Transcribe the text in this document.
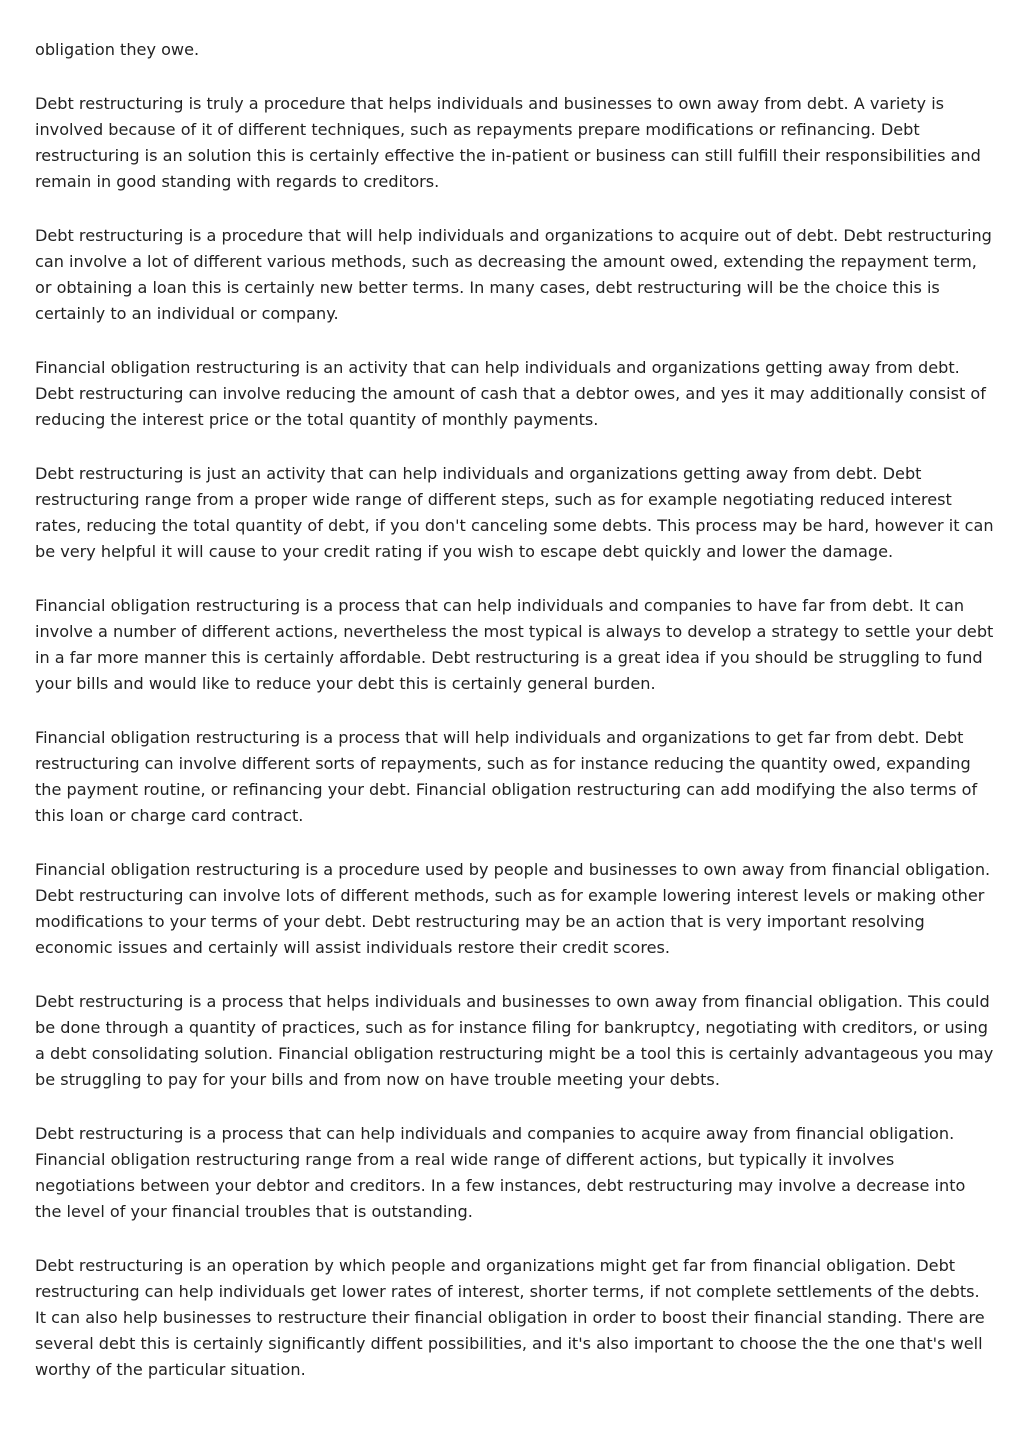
obligation they owe.

Debt restructuring is truly a procedure that helps individuals and businesses to own away from debt. A variety is involved because of it of different techniques, such as repayments prepare modifications or refinancing. Debt restructuring is an solution this is certainly effective the in-patient or business can still fulfill their responsibilities and remain in good standing with regards to creditors.

Debt restructuring is a procedure that will help individuals and organizations to acquire out of debt. Debt restructuring can involve a lot of different various methods, such as decreasing the amount owed, extending the repayment term, or obtaining a loan this is certainly new better terms. In many cases, debt restructuring will be the choice this is certainly to an individual or company.

Financial obligation restructuring is an activity that can help individuals and organizations getting away from debt. Debt restructuring can involve reducing the amount of cash that a debtor owes, and yes it may additionally consist of reducing the interest price or the total quantity of monthly payments.

Debt restructuring is just an activity that can help individuals and organizations getting away from debt. Debt restructuring range from a proper wide range of different steps, such as for example negotiating reduced interest rates, reducing the total quantity of debt, if you don't canceling some debts. This process may be hard, however it can be very helpful it will cause to your credit rating if you wish to escape debt quickly and lower the damage.

Financial obligation restructuring is a process that can help individuals and companies to have far from debt. It can involve a number of different actions, nevertheless the most typical is always to develop a strategy to settle your debt in a far more manner this is certainly affordable. Debt restructuring is a great idea if you should be struggling to fund your bills and would like to reduce your debt this is certainly general burden.

Financial obligation restructuring is a process that will help individuals and organizations to get far from debt. Debt restructuring can involve different sorts of repayments, such as for instance reducing the quantity owed, expanding the payment routine, or refinancing your debt. Financial obligation restructuring can add modifying the also terms of this loan or charge card contract.

Financial obligation restructuring is a procedure used by people and businesses to own away from financial obligation. Debt restructuring can involve lots of different methods, such as for example lowering interest levels or making other modifications to your terms of your debt. Debt restructuring may be an action that is very important resolving economic issues and certainly will assist individuals restore their credit scores.

Debt restructuring is a process that helps individuals and businesses to own away from financial obligation. This could be done through a quantity of practices, such as for instance filing for bankruptcy, negotiating with creditors, or using a debt consolidating solution. Financial obligation restructuring might be a tool this is certainly advantageous you may be struggling to pay for your bills and from now on have trouble meeting your debts.

Debt restructuring is a process that can help individuals and companies to acquire away from financial obligation. Financial obligation restructuring range from a real wide range of different actions, but typically it involves negotiations between your debtor and creditors. In a few instances, debt restructuring may involve a decrease into the level of your financial troubles that is outstanding.

Debt restructuring is an operation by which people and organizations might get far from financial obligation. Debt restructuring can help individuals get lower rates of interest, shorter terms, if not complete settlements of the debts. It can also help businesses to restructure their financial obligation in order to boost their financial standing. There are several debt this is certainly significantly diffent possibilities, and it's also important to choose the the one that's well worthy of the particular situation.
